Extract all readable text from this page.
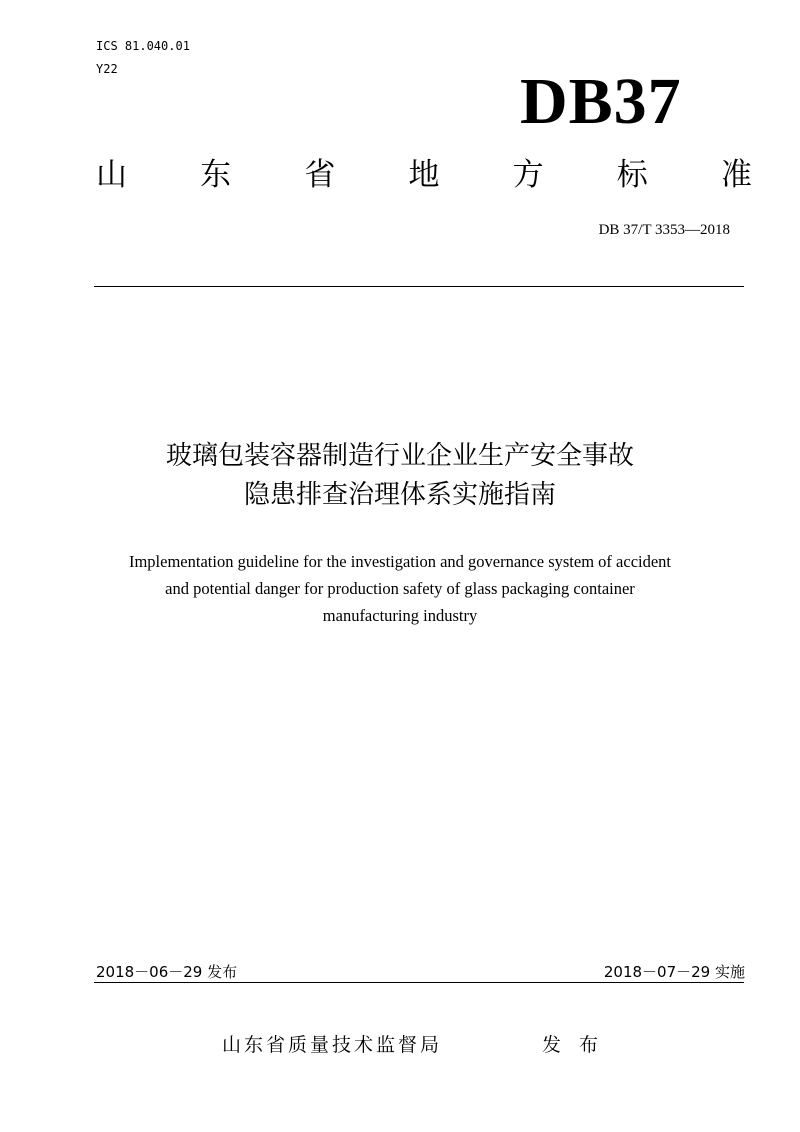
ICS 81.040.01
Y22	DB37
山 东 省 地 方 标 准
DB 37/T 3353—2018
玻璃包装容器制造行业企业生产安全事故
隐患排查治理体系实施指南
Implementation guideline for the investigation and governance system of accident
and potential danger for production safety of glass packaging container
manufacturing industry
2018－06－29 发布	2018－07－29 实施
山东省质量技术监督局	发 布
